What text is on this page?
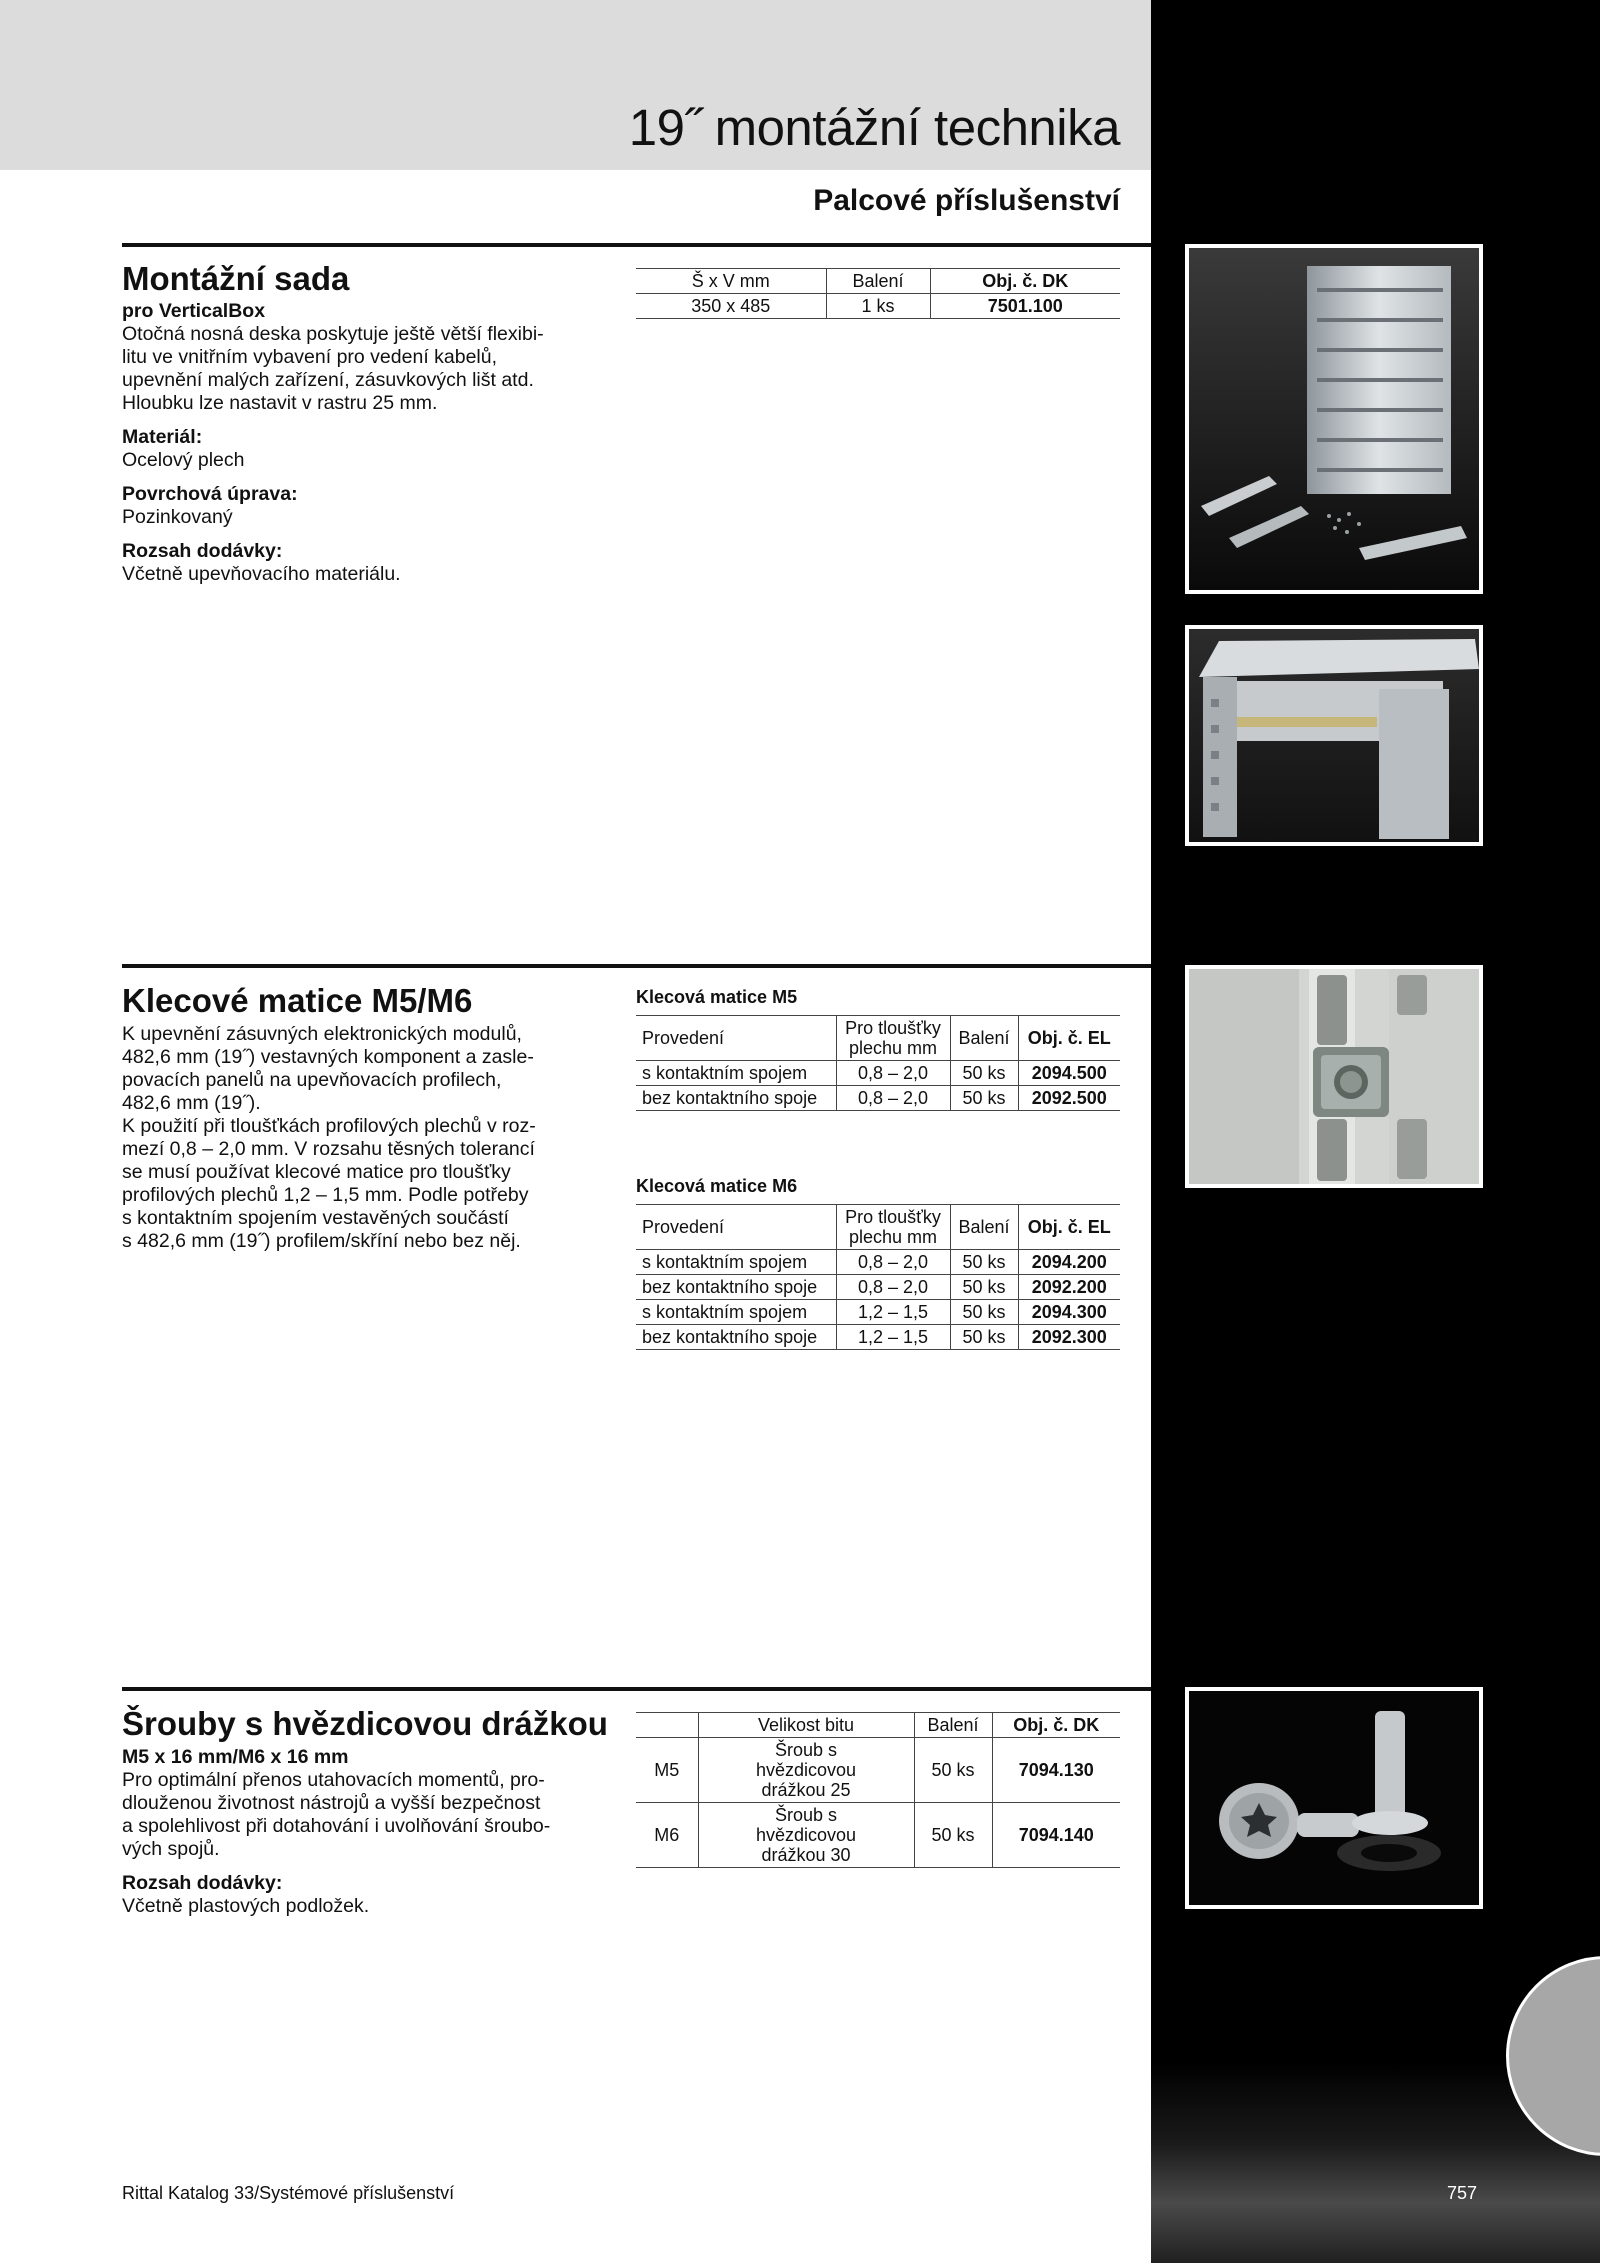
19˝ montážní technika
Palcové příslušenství
Montážní sada

pro VerticalBox

Otočná nosná deska poskytuje ještě větší flexibi-

litu ve vnitřním vybavení pro vedení kabelů,

upevnění malých zařízení, zásuvkových lišt atd.

Hloubku lze nastavit v rastru 25 mm.

Materiál:

Ocelový plech

Povrchová úprava:

Pozinkovaný

Rozsah dodávky:

Včetně upevňovacího materiálu.

Š x V mm	Balení	Obj. č. DK
350 x 485	1 ks	7501.100
Klecové matice M5/M6

K upevnění zásuvných elektronických modulů,

482,6 mm (19˝) vestavných komponent a zasle-

povacích panelů na upevňovacích profilech,

482,6 mm (19˝).

K použití při tloušťkách profilových plechů v roz-

mezí 0,8 – 2,0 mm. V rozsahu těsných tolerancí

se musí používat klecové matice pro tloušťky

profilových plechů 1,2 – 1,5 mm. Podle potřeby

s kontaktním spojením vestavěných součástí

s 482,6 mm (19˝) profilem/skříní nebo bez něj.

Klecová matice M5
Provedení	Pro tloušťky plechu mm	Balení	Obj. č. EL
s kontaktním spojem	0,8 – 2,0	50 ks	2094.500
bez kontaktního spoje	0,8 – 2,0	50 ks	2092.500
Klecová matice M6
Provedení	Pro tloušťky plechu mm	Balení	Obj. č. EL
s kontaktním spojem	0,8 – 2,0	50 ks	2094.200
bez kontaktního spoje	0,8 – 2,0	50 ks	2092.200
s kontaktním spojem	1,2 – 1,5	50 ks	2094.300
bez kontaktního spoje	1,2 – 1,5	50 ks	2092.300
Šrouby s hvězdicovou drážkou

M5 x 16 mm/M6 x 16 mm

Pro optimální přenos utahovacích momentů, pro-

dlouženou životnost nástrojů a vyšší bezpečnost

a spolehlivost při dotahování i uvolňování šroubo-

vých spojů.

Rozsah dodávky:

Včetně plastových podložek.

	Velikost bitu	Balení	Obj. č. DK
M5	Šroub s hvězdicovou drážkou 25	50 ks	7094.130
M6	Šroub s hvězdicovou drážkou 30	50 ks	7094.140
Rittal Katalog 33/Systémové příslušenství	757
